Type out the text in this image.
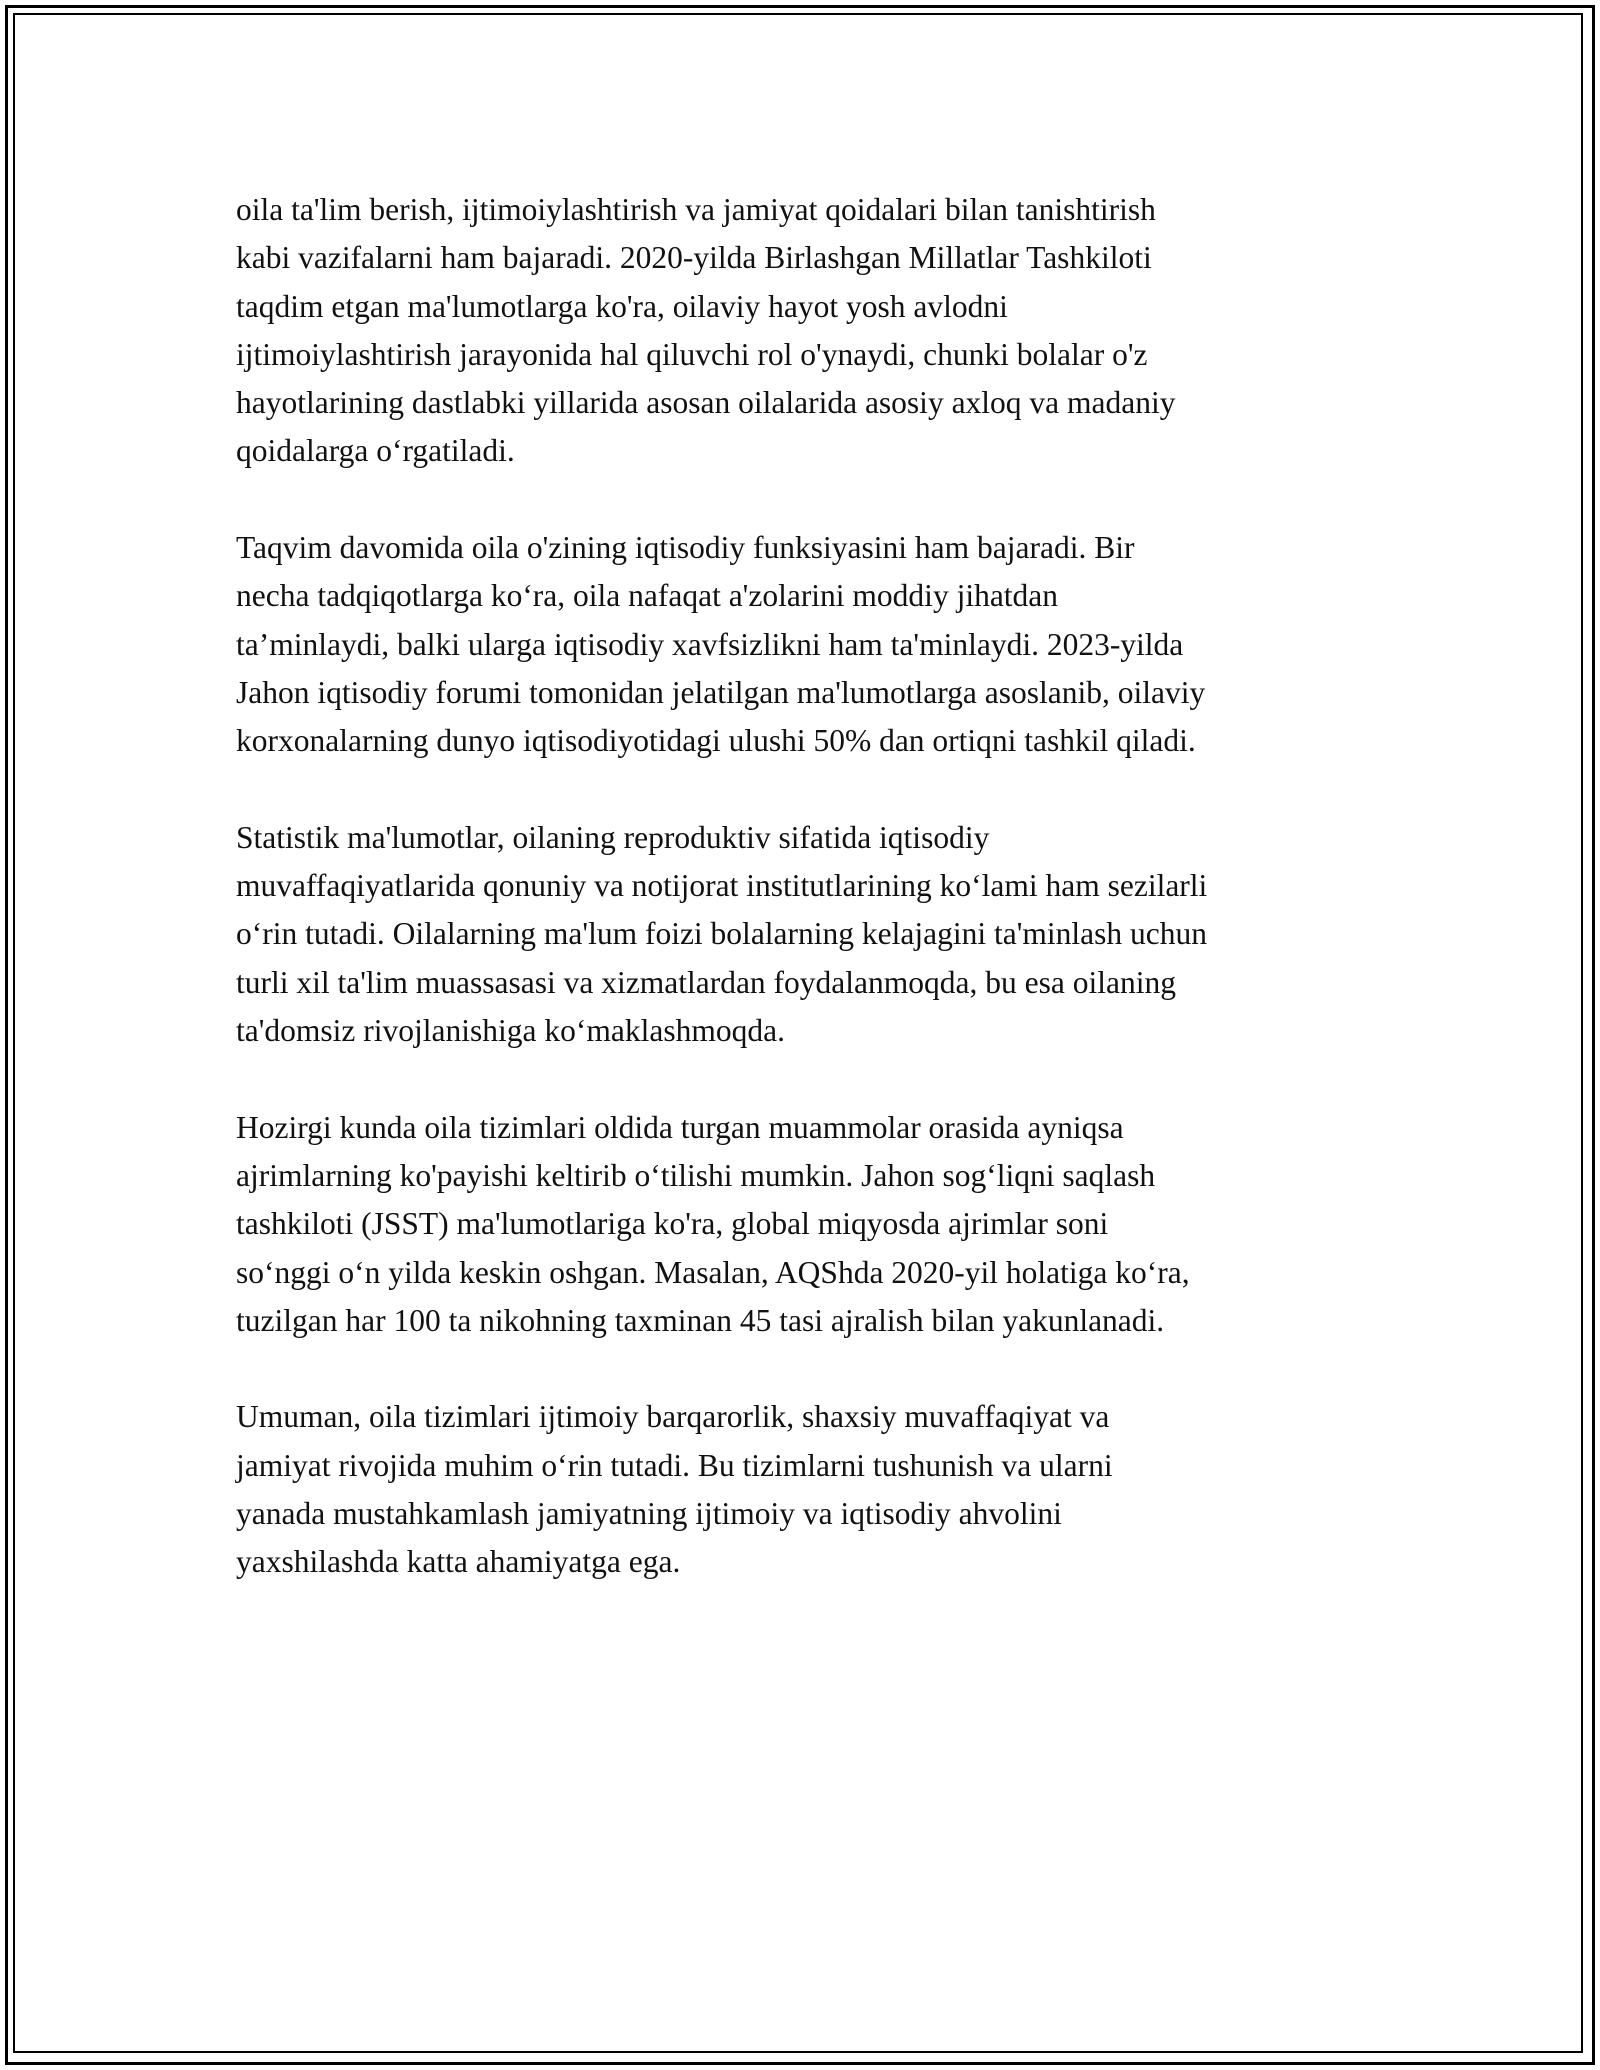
oila ta'lim berish, ijtimoiylashtirish va jamiyat qoidalari bilan tanishtirish
kabi vazifalarni ham bajaradi. 2020-yilda Birlashgan Millatlar Tashkiloti
taqdim etgan ma'lumotlarga ko'ra, oilaviy hayot yosh avlodni
ijtimoiylashtirish jarayonida hal qiluvchi rol o'ynaydi, chunki bolalar o'z
hayotlarining dastlabki yillarida asosan oilalarida asosiy axloq va madaniy
qoidalarga o‘rgatiladi.

Taqvim davomida oila o'zining iqtisodiy funksiyasini ham bajaradi. Bir
necha tadqiqotlarga ko‘ra, oila nafaqat a'zolarini moddiy jihatdan
ta’minlaydi, balki ularga iqtisodiy xavfsizlikni ham ta'minlaydi. 2023-yilda
Jahon iqtisodiy forumi tomonidan jelatilgan ma'lumotlarga asoslanib, oilaviy
korxonalarning dunyo iqtisodiyotidagi ulushi 50% dan ortiqni tashkil qiladi.

Statistik ma'lumotlar, oilaning reproduktiv sifatida iqtisodiy
muvaffaqiyatlarida qonuniy va notijorat institutlarining ko‘lami ham sezilarli
o‘rin tutadi. Oilalarning ma'lum foizi bolalarning kelajagini ta'minlash uchun
turli xil ta'lim muassasasi va xizmatlardan foydalanmoqda, bu esa oilaning
ta'domsiz rivojlanishiga ko‘maklashmoqda.

Hozirgi kunda oila tizimlari oldida turgan muammolar orasida ayniqsa
ajrimlarning ko'payishi keltirib o‘tilishi mumkin. Jahon sog‘liqni saqlash
tashkiloti (JSST) ma'lumotlariga ko'ra, global miqyosda ajrimlar soni
so‘nggi o‘n yilda keskin oshgan. Masalan, AQShda 2020-yil holatiga ko‘ra,
tuzilgan har 100 ta nikohning taxminan 45 tasi ajralish bilan yakunlanadi.

Umuman, oila tizimlari ijtimoiy barqarorlik, shaxsiy muvaffaqiyat va
jamiyat rivojida muhim o‘rin tutadi. Bu tizimlarni tushunish va ularni
yanada mustahkamlash jamiyatning ijtimoiy va iqtisodiy ahvolini
yaxshilashda katta ahamiyatga ega.
